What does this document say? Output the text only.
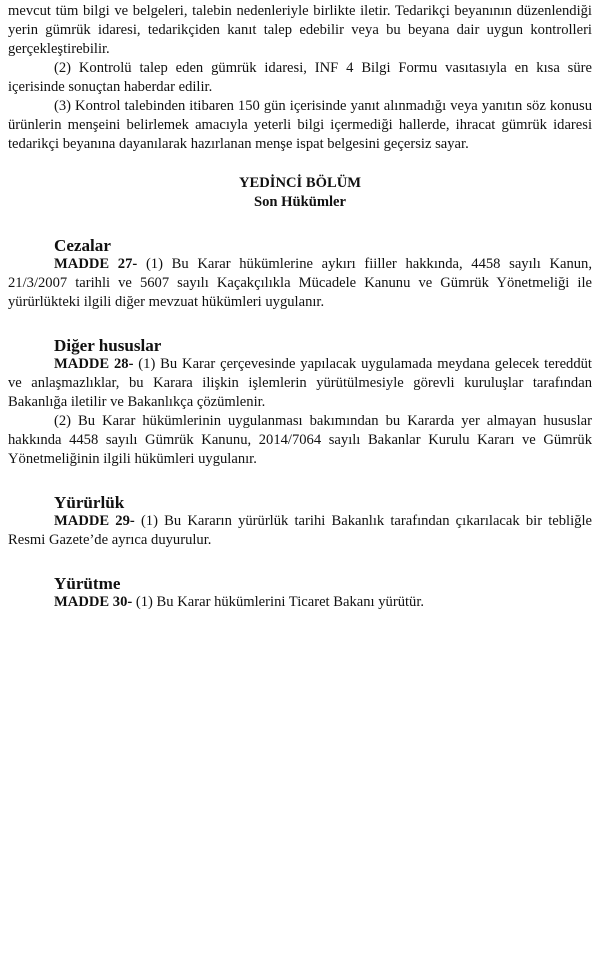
mevcut tüm bilgi ve belgeleri, talebin nedenleriyle birlikte iletir. Tedarikçi beyanının düzenlendiği yerin gümrük idaresi, tedarikçiden kanıt talep edebilir veya bu beyana dair uygun kontrolleri gerçekleştirebilir.

(2) Kontrolü talep eden gümrük idaresi, INF 4 Bilgi Formu vasıtasıyla en kısa süre içerisinde sonuçtan haberdar edilir.

(3) Kontrol talebinden itibaren 150 gün içerisinde yanıt alınmadığı veya yanıtın söz konusu ürünlerin menşeini belirlemek amacıyla yeterli bilgi içermediği hallerde, ihracat gümrük idaresi tedarikçi beyanına dayanılarak hazırlanan menşe ispat belgesini geçersiz sayar.

YEDİNCİ BÖLÜM
Son Hükümler
Cezalar

MADDE 27- (1) Bu Karar hükümlerine aykırı fiiller hakkında, 4458 sayılı Kanun, 21/3/2007 tarihli ve 5607 sayılı Kaçakçılıkla Mücadele Kanunu ve Gümrük Yönetmeliği ile yürürlükteki ilgili diğer mevzuat hükümleri uygulanır.

Diğer hususlar

MADDE 28- (1) Bu Karar çerçevesinde yapılacak uygulamada meydana gelecek tereddüt ve anlaşmazlıklar, bu Karara ilişkin işlemlerin yürütülmesiyle görevli kuruluşlar tarafından Bakanlığa iletilir ve Bakanlıkça çözümlenir.

(2) Bu Karar hükümlerinin uygulanması bakımından bu Kararda yer almayan hususlar hakkında 4458 sayılı Gümrük Kanunu, 2014/7064 sayılı Bakanlar Kurulu Kararı ve Gümrük Yönetmeliğinin ilgili hükümleri uygulanır.

Yürürlük

MADDE 29- (1) Bu Kararın yürürlük tarihi Bakanlık tarafından çıkarılacak bir tebliğle Resmi Gazete’de ayrıca duyurulur.

Yürütme

MADDE 30- (1) Bu Karar hükümlerini Ticaret Bakanı yürütür.
